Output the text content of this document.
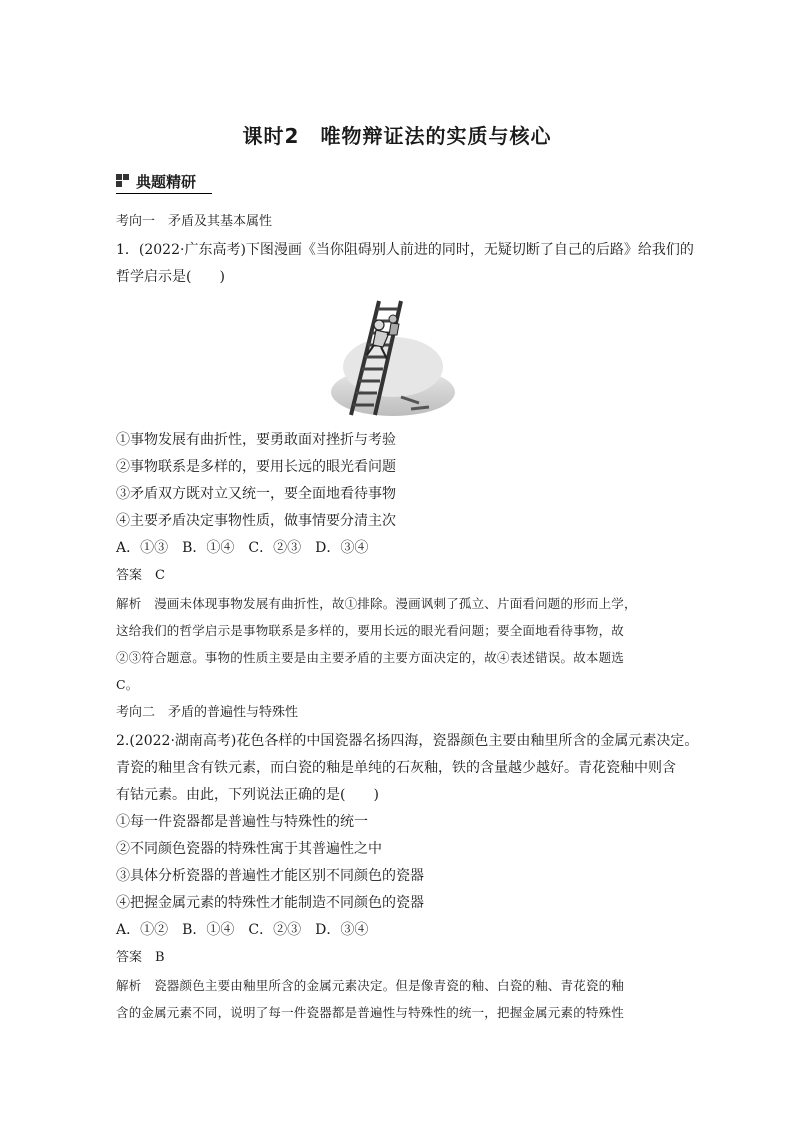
课时2　唯物辩证法的实质与核心
典题精研
考向一　矛盾及其基本属性
1．(2022·广东高考)下图漫画《当你阻碍别人前进的同时，无疑切断了自己的后路》给我们的
哲学启示是(　　)
①事物发展有曲折性，要勇敢面对挫折与考验
②事物联系是多样的，要用长远的眼光看问题
③矛盾双方既对立又统一，要全面地看待事物
④主要矛盾决定事物性质，做事情要分清主次
A．①③　B．①④　C．②③　D．③④
答案　C
解析　漫画未体现事物发展有曲折性，故①排除。漫画讽刺了孤立、片面看问题的形而上学，
这给我们的哲学启示是事物联系是多样的，要用长远的眼光看问题；要全面地看待事物，故
②③符合题意。事物的性质主要是由主要矛盾的主要方面决定的，故④表述错误。故本题选
C。
考向二　矛盾的普遍性与特殊性
2.(2022·湖南高考)花色各样的中国瓷器名扬四海，瓷器颜色主要由釉里所含的金属元素决定。
青瓷的釉里含有铁元素，而白瓷的釉是单纯的石灰釉，铁的含量越少越好。青花瓷釉中则含
有钴元素。由此，下列说法正确的是(　　)
①每一件瓷器都是普遍性与特殊性的统一
②不同颜色瓷器的特殊性寓于其普遍性之中
③具体分析瓷器的普遍性才能区别不同颜色的瓷器
④把握金属元素的特殊性才能制造不同颜色的瓷器
A．①②　B．①④　C．②③　D．③④
答案　B
解析　瓷器颜色主要由釉里所含的金属元素决定。但是像青瓷的釉、白瓷的釉、青花瓷的釉
含的金属元素不同，说明了每一件瓷器都是普遍性与特殊性的统一，把握金属元素的特殊性
